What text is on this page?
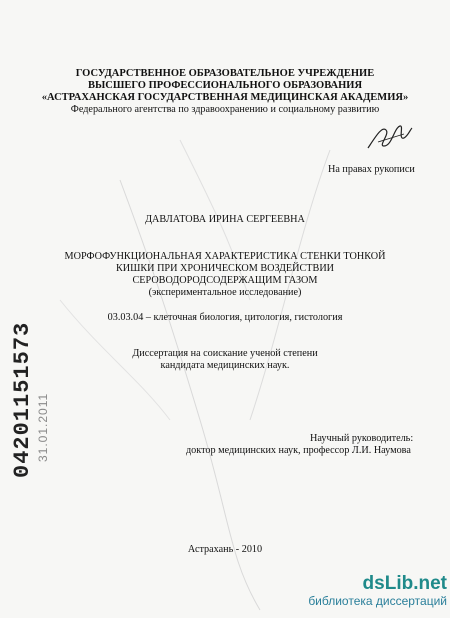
ГОСУДАРСТВЕННОЕ ОБРАЗОВАТЕЛЬНОЕ УЧРЕЖДЕНИЕ
ВЫСШЕГО ПРОФЕССИОНАЛЬНОГО ОБРАЗОВАНИЯ
«АСТРАХАНСКАЯ ГОСУДАРСТВЕННАЯ МЕДИЦИНСКАЯ АКАДЕМИЯ»
Федерального агентства по здравоохранению и социальному развитию
На правах рукописи
ДАВЛАТОВА ИРИНА СЕРГЕЕВНА
МОРФОФУНКЦИОНАЛЬНАЯ ХАРАКТЕРИСТИКА СТЕНКИ ТОНКОЙ
КИШКИ ПРИ ХРОНИЧЕСКОМ ВОЗДЕЙСТВИИ
СЕРОВОДОРОДСОДЕРЖАЩИМ ГАЗОМ
(экспериментальное исследование)
03.03.04 – клеточная биология, цитология, гистология
Диссертация на соискание ученой степени
кандидата медицинских наук.
Научный руководитель:
доктор медицинских наук, профессор Л.И. Наумова
Астрахань - 2010
04201151573 31.01.2011
dsLib.net
библиотека диссертаций
